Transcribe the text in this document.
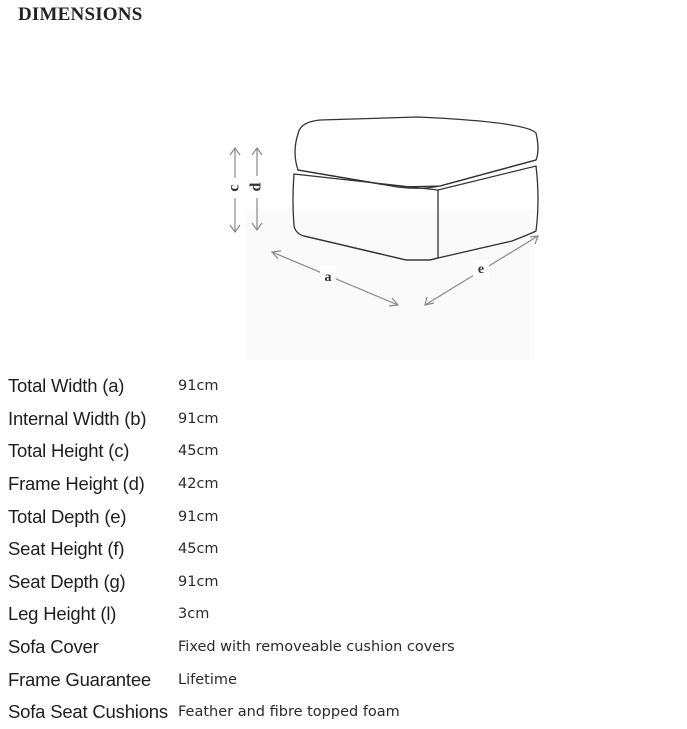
DIMENSIONS
c d
a
e
Total Width (a)	91cm
Internal Width (b)	91cm
Total Height (c)	45cm
Frame Height (d)	42cm
Total Depth (e)	91cm
Seat Height (f)	45cm
Seat Depth (g)	91cm
Leg Height (l)	3cm
Sofa Cover	Fixed with removeable cushion covers
Frame Guarantee	Lifetime
Sofa Seat Cushions	Feather and fibre topped foam
